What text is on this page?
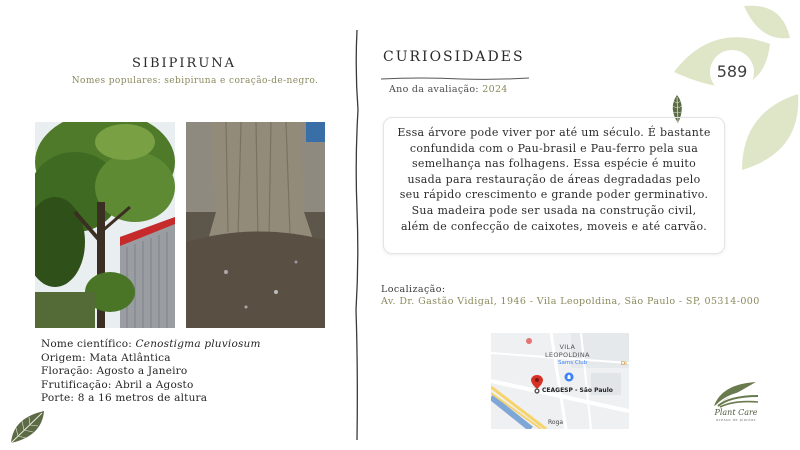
SIBIPIRUNA
Nomes populares: sebipiruna e coração-de-negro.
Nome científico: Cenostigma pluviosum
Origem: Mata Atlântica
Floração: Agosto a Janeiro
Frutificação: Abril a Agosto
Porte: 8 a 16 metros de altura
CURIOSIDADES
Ano da avaliação: 2024
Essa árvore pode viver por até um século. É bastante confundida com o Pau-brasil e Pau-ferro pela sua semelhança nas folhagens. Essa espécie é muito usada para restauração de áreas degradadas pelo seu rápido crescimento e grande poder germinativo. Sua madeira pode ser usada na construção civil, além de confecção de caixotes, moveis e até carvão.
Localização:
Av. Dr. Gastão Vidigal, 1946 - Vila Leopoldina, São Paulo - SP, 05314-000
VILA
LEOPOLDINA
Sams Club
CEAGESP - São Paulo
Roga
Di
589
Plant Care
acesso de plantas
